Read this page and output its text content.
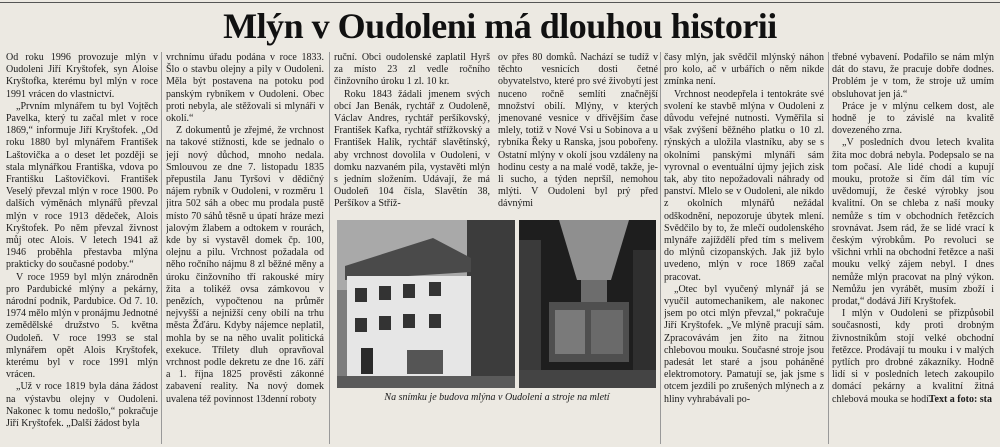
Mlýn v Oudoleni má dlouhou historii

Od roku 1996 provozuje mlýn v Oudoleni Jiří Kryštofek, syn Aloise Kryštofka, kterému byl mlýn v roce 1991 vrácen do vlastnictví.

„Prvním mlynářem tu byl Vojtěch Pavelka, který tu začal mlet v roce 1869,“ informuje Jiří Kryštofek. „Od roku 1880 byl mlynářem František Laštovička a o deset let později se stala mlynářkou Františka, vdova po Františku Laštovičkovi. František Veselý převzal mlýn v roce 1900. Po dalších výměnách mlynářů převzal mlýn v roce 1913 dědeček, Alois Kryštofek. Po něm převzal živnost můj otec Alois. V letech 1941 až 1946 proběhla přestavba mlýna prakticky do současné podoby.“

V roce 1959 byl mlýn znárodněn pro Pardubické mlýny a pekárny, národní podnik, Pardubice. Od 7. 10. 1974 mělo mlýn v pronájmu Jednotné zemědělské družstvo 5. května Oudoleň. V roce 1993 se stal mlynářem opět Alois Kryštofek, kterému byl v roce 1991 mlýn vrácen.

„Už v roce 1819 byla dána žádost na výstavbu olejny v Oudoleni. Nakonec k tomu nedošlo,“ pokračuje Jiří Kryštofek. „Další žádost byla

vrchnímu úřadu podána v roce 1833. Šlo o stavbu olejny a pily v Oudoleni. Měla být postavena na potoku pod panským rybníkem v Oudoleni. Obec proti nebyla, ale stěžovali si mlynáři v okolí.“

Z dokumentů je zřejmé, že vrchnost na takové stížnosti, kde se jednalo o její nový důchod, mnoho nedala. Smlouvou ze dne 7. listopadu 1835 přepustila Janu Tyršovi v dědičný nájem rybník v Oudoleni, v rozměru 1 jitra 502 sáh a obec mu prodala pustě místo 70 sáhů těsně u úpatí hráze mezi jalovým žlabem a odtokem v rourách, kde by si vystavěl domek čp. 100, olejnu a pilu. Vrchnost požadala od něho ročního nájmu 8 zl běžné měny a úroku činžovního tří rakouské míry žita a tolikéž ovsa zámkovou v penězích, vypočtenou na průměr nejvyšší a nejnižší ceny obilí na trhu města Žďáru. Kdyby nájemce neplatil, mohla by se na něho uvalit politická exekuce. Třílety dluh opravňoval vrchnost podle dekretu ze dne 16. září a 1. října 1825 prověsti zákonné zabavení reality. Na nový domek uvalena též povinnost 13denní roboty

ruční. Obci oudolenské zaplatil Hyrš za místo 23 zl vedle ročního činžovního úroku 1 zl. 10 kr.

Roku 1843 žádali jmenem svých obcí Jan Benák, rychtář z Oudoleně, Václav Andres, rychtář peršíkovský, František Kafka, rychtář střížkovský a František Halík, rychtář slavětínský, aby vrchnost dovolila v Oudoleni, v domku nazvaném pila, vystavěti mlýn s jedním složením. Udávají, že má Oudoleň 104 čísla, Slavětín 38, Peršíkov a Stříž-

ov přes 80 domků. Nachází se tudíž v těchto vesnicích dosti četné obyvatelstvo, které pro své živobytí jest nuceno ročně semlíti značnější množství obilí. Mlýny, v kterých jmenované vesnice v dřívějším čase mlely, totiž v Nové Vsi u Sobinova a u rybníka Řeky u Ranska, jsou pobořeny. Ostatní mlýny v okolí jsou vzdáleny na hodinu cesty a na malé vodě, takže, je-li sucho, a týden nepršíl, nemohou mlýti. V Oudoleni byl prý před dávnými

Na snímku je budova mlýna v Oudoleni a stroje na mletí

časy mlýn, jak svědčil mlýnský náhon pro kolo, ač v urbářích o něm nikde zmínka není.

Vrchnost neodepřela i tentokráte své svolení ke stavbě mlýna v Oudoleni z důvodu veřejné nutnosti. Vyměřila si však zvýšení běžného platku o 10 zl. rýnských a uložila vlastníku, aby se s okolními panskými mlynáři sám vyrovnal o eventuální újmy jejich zisk tak, aby tito nepožadovali náhrady od panství. Mlelo se v Oudoleni, ale nikdo z okolních mlynářů nežádal odškodnění, nepozoruje úbytek mlení. Svědčilo by to, že mlečí oudolenského mlynáře zajíždělí před tím s melivem do mlýnů cizopanských. Jak již bylo uvedeno, mlýn v roce 1869 začal pracovat.

„Otec byl vyučený mlynář já se vyučil automechanikem, ale nakonec jsem po otci mlýn převzal,“ pokračuje Jiří Kryštofek. „Ve mlýně pracují sám. Zpracovávám jen žito na žitnou chlebovou mouku. Současné stroje jsou padesát let staré a jsou poháněné elektromotory. Pamatují se, jak jsme s otcem jezdili po zrušených mlýnech a z hliny vyhrabávali po-

třebné vybavení. Podařilo se nám mlýn dát do stavu, že pracuje dobře dodnes. Problém je v tom, že stroje už umím obsluhovat jen já.“

Práce je v mlýnu celkem dost, ale hodně je to závislé na kvalitě dovezeného zrna.

„V posledních dvou letech kvalita žita moc dobrá nebyla. Podepsalo se na tom počasí. Ale lidé chodí a kupují mouku, protože si čím dál tím víc uvědomují, že české výrobky jsou kvalitní. On se chleba z naší mouky nemůže s tím v obchodních řetězcích srovnávat. Jsem rád, že se lidé vrací k českým výrobkům. Po revoluci se všichni vrhli na obchodní řetězce a naši mouku velký zájem nebyl. I dnes nemůže mlýn pracovat na plný výkon. Nemůžu jen vyrábět, musím zboží i prodat,“ dodává Jiří Kryštofek.

I mlýn v Oudoleni se přizpůsobil současnosti, kdy proti drobným živnostníkům stojí velké obchodní řetězce. Prodávají tu mouku i v malých pytlích pro drobné zákazníky. Hodně lidí si v posledních letech zakoupilo domácí pekárny a kvalitní žitná chlebová mouka se hodí.

Text a foto: sta
